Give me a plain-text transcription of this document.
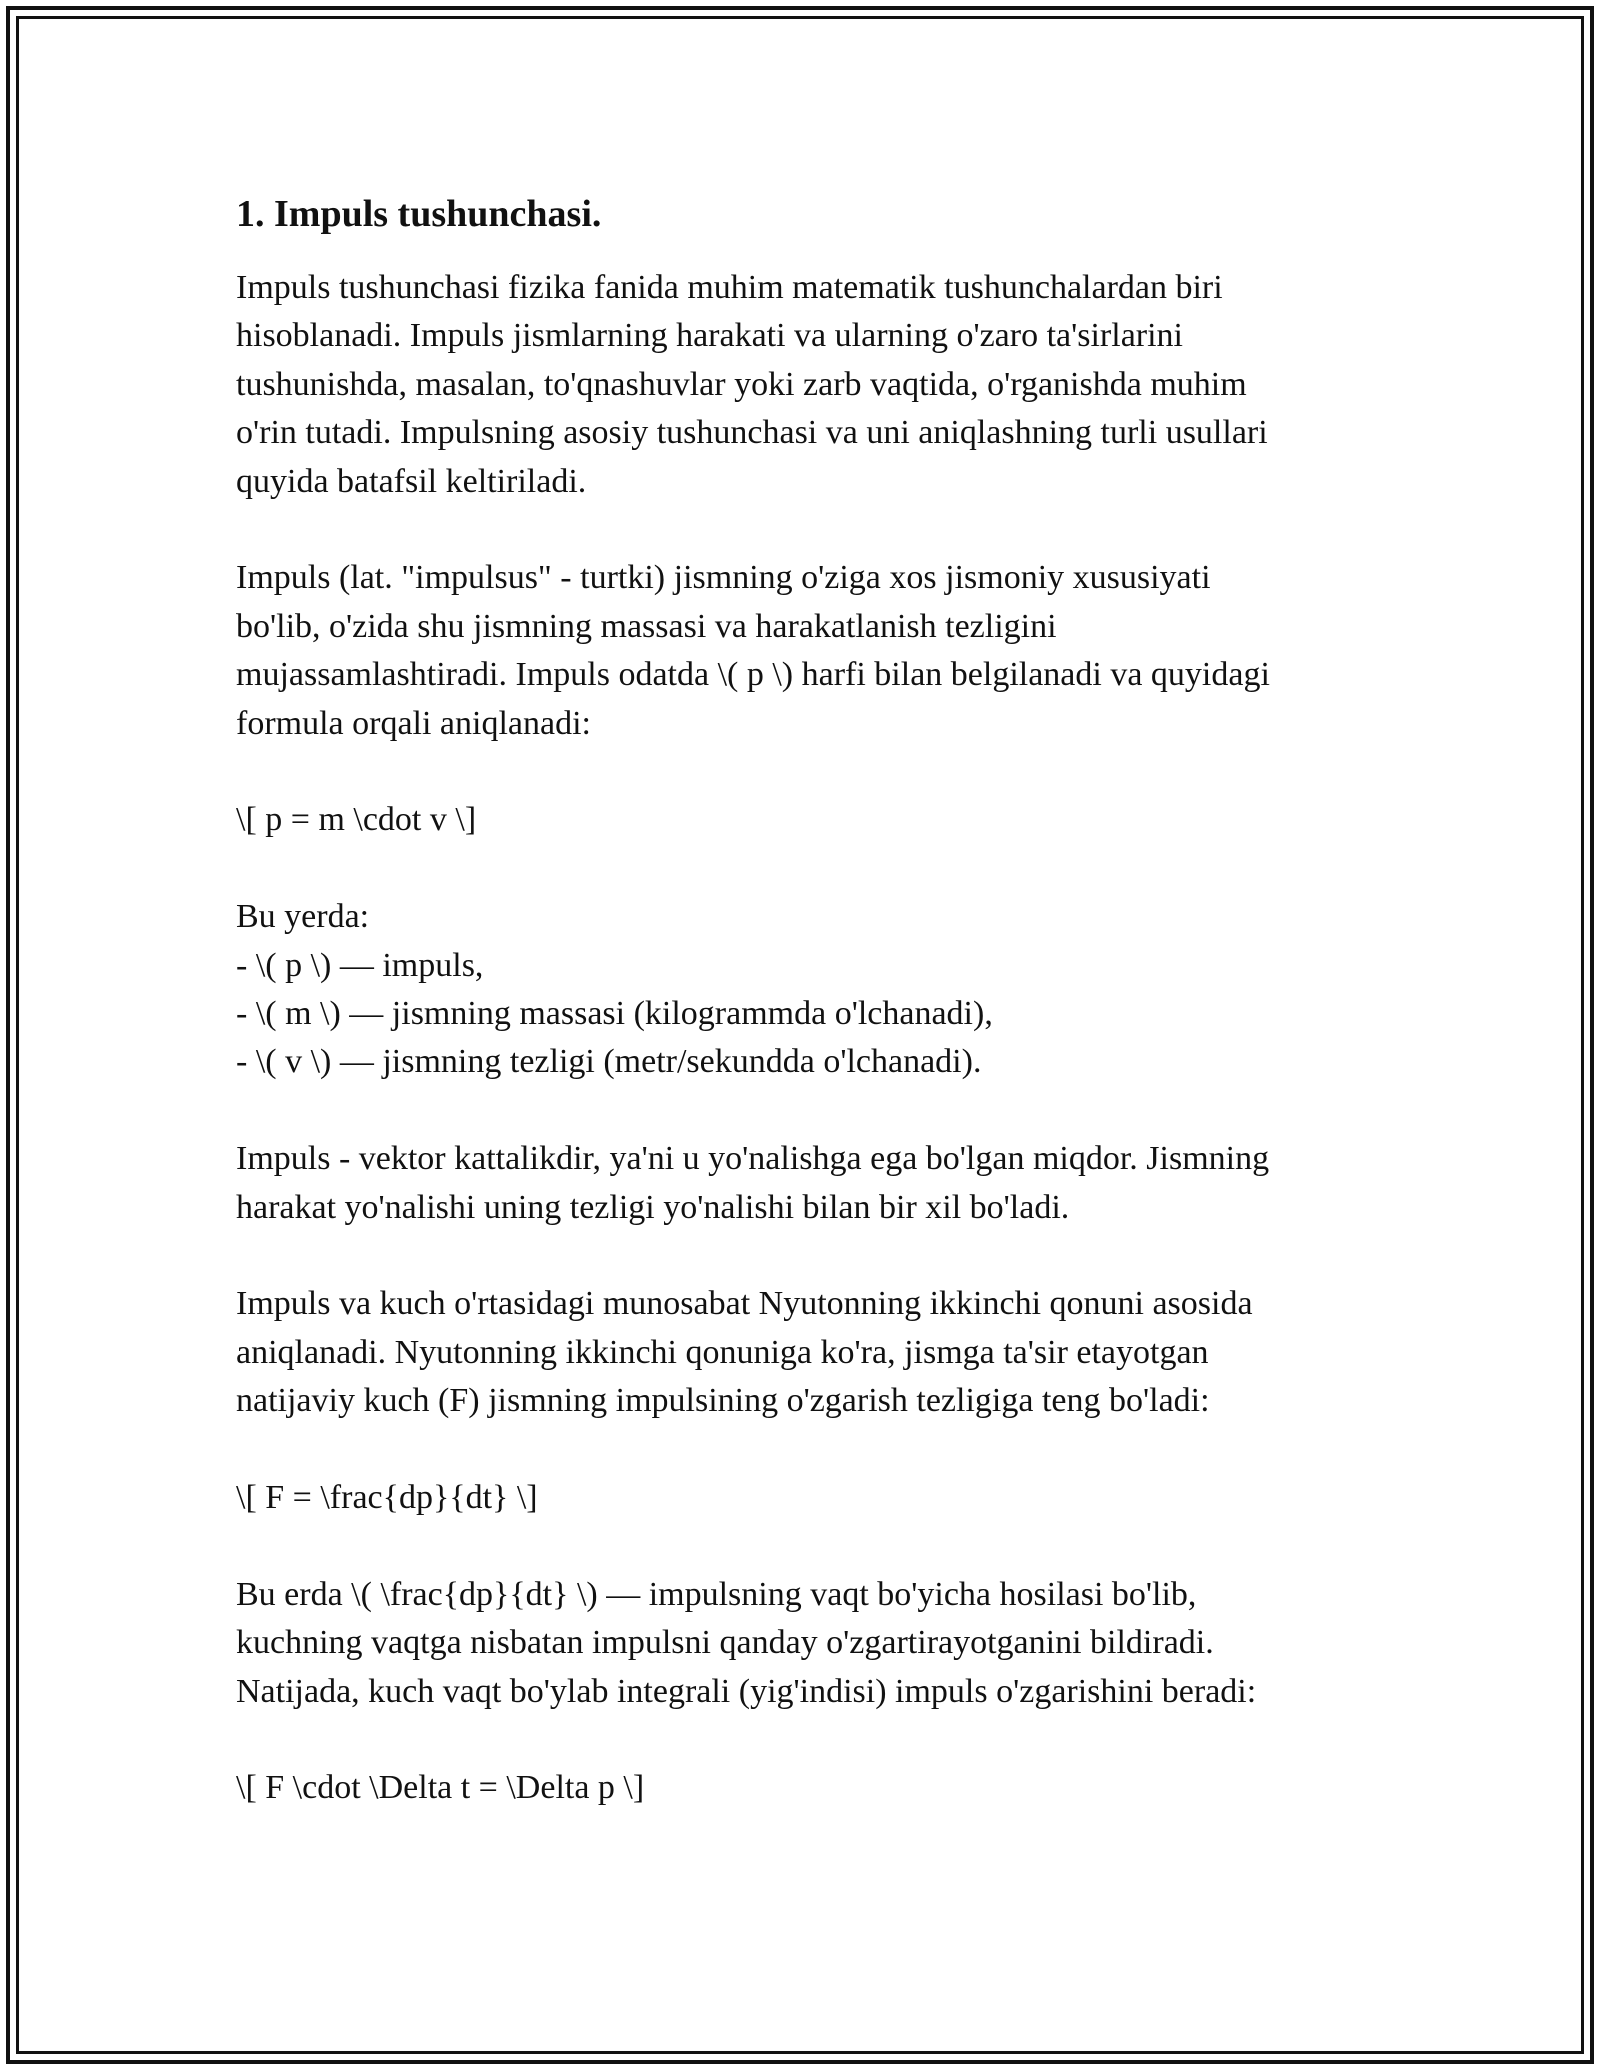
1. Impuls tushunchasi.
Impuls tushunchasi fizika fanida muhim matematik tushunchalardan biri
hisoblanadi. Impuls jismlarning harakati va ularning o'zaro ta'sirlarini
tushunishda, masalan, to'qnashuvlar yoki zarb vaqtida, o'rganishda muhim
o'rin tutadi. Impulsning asosiy tushunchasi va uni aniqlashning turli usullari
quyida batafsil keltiriladi.
Impuls (lat. "impulsus" - turtki) jismning o'ziga xos jismoniy xususiyati
bo'lib, o'zida shu jismning massasi va harakatlanish tezligini
mujassamlashtiradi. Impuls odatda \( p \) harfi bilan belgilanadi va quyidagi
formula orqali aniqlanadi:
\[ p = m \cdot v \]
Bu yerda:
- \( p \) — impuls,
- \( m \) — jismning massasi (kilogrammda o'lchanadi),
- \( v \) — jismning tezligi (metr/sekundda o'lchanadi).
Impuls - vektor kattalikdir, ya'ni u yo'nalishga ega bo'lgan miqdor. Jismning
harakat yo'nalishi uning tezligi yo'nalishi bilan bir xil bo'ladi.
Impuls va kuch o'rtasidagi munosabat Nyutonning ikkinchi qonuni asosida
aniqlanadi. Nyutonning ikkinchi qonuniga ko'ra, jismga ta'sir etayotgan
natijaviy kuch (F) jismning impulsining o'zgarish tezligiga teng bo'ladi:
\[ F = \frac{dp}{dt} \]
Bu erda \( \frac{dp}{dt} \) — impulsning vaqt bo'yicha hosilasi bo'lib,
kuchning vaqtga nisbatan impulsni qanday o'zgartirayotganini bildiradi.
Natijada, kuch vaqt bo'ylab integrali (yig'indisi) impuls o'zgarishini beradi:
\[ F \cdot \Delta t = \Delta p \]
